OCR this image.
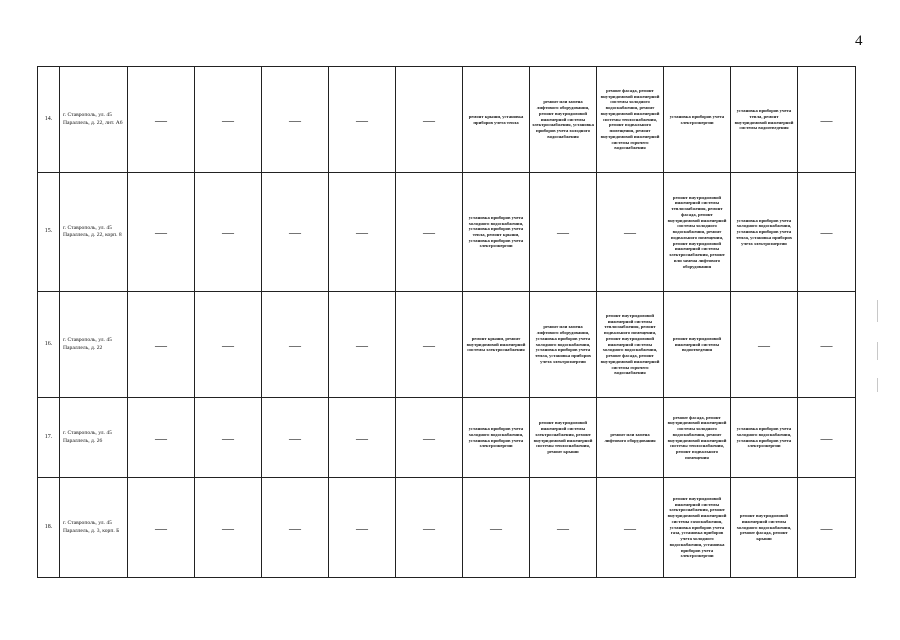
4
14.	г. Ставрополь, ул. 45 Параллель, д. 22, лит. А6	—	—	—	—	—	ремонт крыши, установка приборов учета тепла	ремонт или замена лифтового оборудования, ремонт внутридомовой инженерной системы электроснабжения, установка приборов учета холодного водоснабжения	ремонт фасада, ремонт внутридомовой инженерной системы холодного водоснабжения, ремонт внутридомовой инженерной системы теплоснабжения, ремонт подвального помещения, ремонт внутридомовой инженерной системы горячего водоснабжения	установка приборов учета электроэнергии	установка приборов учета тепла, ремонт внутридомовой инженерной системы водоотведения	—
15.	г. Ставрополь, ул. 45 Параллель, д. 22, корп. 8	—	—	—	—	—	установка приборов учета холодного водоснабжения, установка приборов учета тепла, ремонт крыши, установка приборов учета электроэнергии	—	—	ремонт внутридомовой инженерной системы теплоснабжения, ремонт фасада, ремонт внутридомовой инженерной системы холодного водоснабжения, ремонт подвального помещения, ремонт внутридомовой инженерной системы электроснабжения, ремонт или замена лифтового оборудования	установка приборов учета холодного водоснабжения, установка приборов учета тепла, установка приборов учета электроэнергии	—
16.	г. Ставрополь, ул. 45 Параллель, д. 22	—	—	—	—	—	ремонт крыши, ремонт внутридомовой инженерной системы электроснабжения	ремонт или замена лифтового оборудования, установка приборов учета холодного водоснабжения, установка приборов учета тепла, установка приборов учета электроэнергии	ремонт внутридомовой инженерной системы теплоснабжения, ремонт подвального помещения, ремонт внутридомовой инженерной системы холодного водоснабжения, ремонт фасада, ремонт внутридомовой инженерной системы горячего водоснабжения	ремонт внутридомовой инженерной системы водоотведения	—	—
17.	г. Ставрополь, ул. 45 Параллель, д. 26	—	—	—	—	—	установка приборов учета холодного водоснабжения, установка приборов учета электроэнергии	ремонт внутридомовой инженерной системы электроснабжения, ремонт внутридомовой инженерной системы теплоснабжения, ремонт крыши	ремонт или замена лифтового оборудования	ремонт фасада, ремонт внутридомовой инженерной системы холодного водоснабжения, ремонт внутридомовой инженерной системы теплоснабжения, ремонт подвального помещения	установка приборов учета холодного водоснабжения, установка приборов учета электроэнергии	—
18.	г. Ставрополь, ул. 45 Параллель, д. 3, корп. Б	—	—	—	—	—	—	—	—	ремонт внутридомовой инженерной системы электроснабжения, ремонт внутридомовой инженерной системы газоснабжения, установка приборов учета газа, установка приборов учета холодного водоснабжения, установка приборов учета электроэнергии	ремонт внутридомовой инженерной системы холодного водоснабжения, ремонт фасада, ремонт крыши	—
